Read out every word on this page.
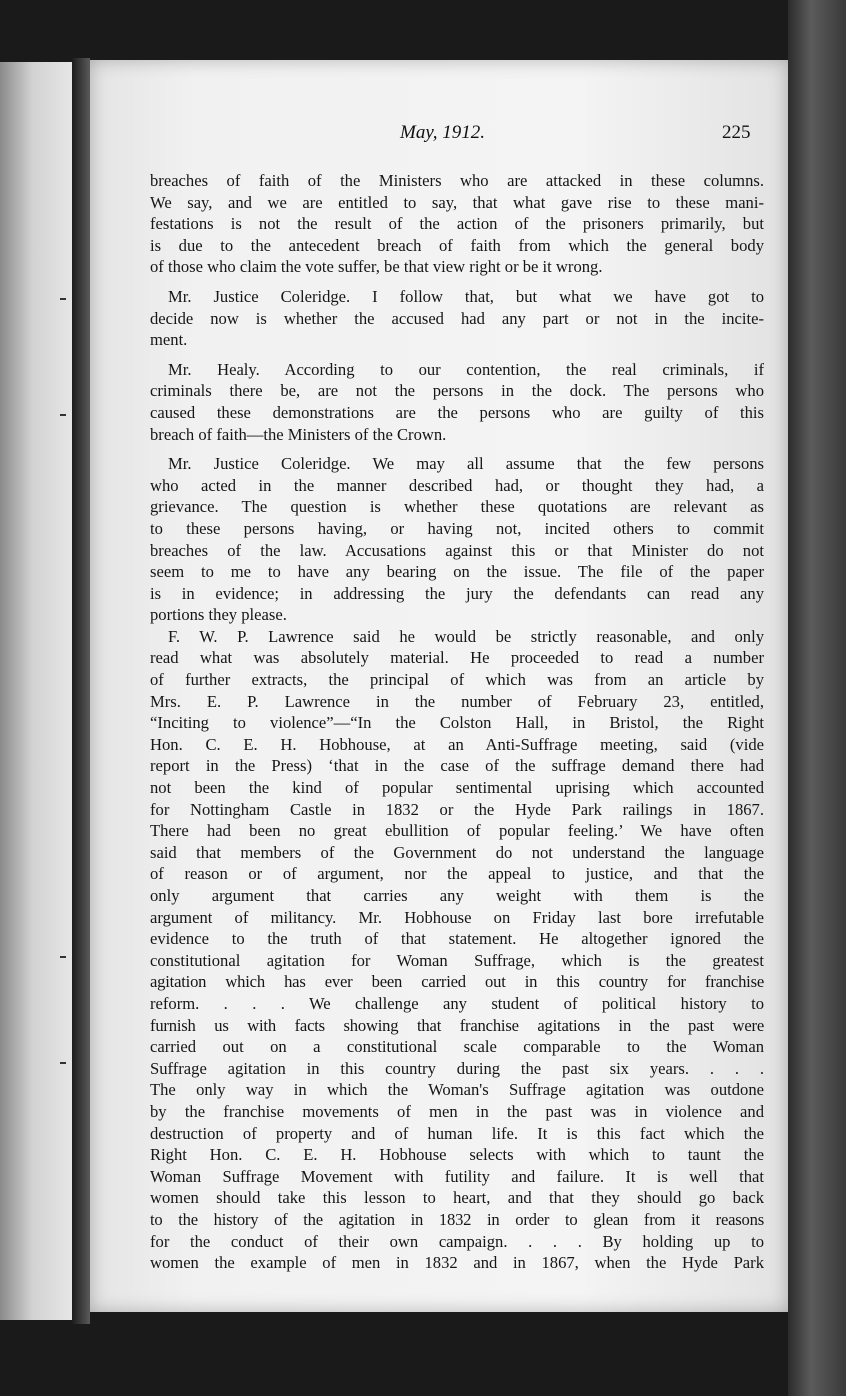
May, 1912.	225
breaches of faith of the Ministers who are attacked in these columns.
We say, and we are entitled to say, that what gave rise to these mani-
festations is not the result of the action of the prisoners primarily, but
is due to the antecedent breach of faith from which the general body
of those who claim the vote suffer, be that view right or be it wrong.
Mr. Justice Coleridge. I follow that, but what we have got to
decide now is whether the accused had any part or not in the incite-
ment.
Mr. Healy. According to our contention, the real criminals, if
criminals there be, are not the persons in the dock. The persons who
caused these demonstrations are the persons who are guilty of this
breach of faith—the Ministers of the Crown.
Mr. Justice Coleridge. We may all assume that the few persons
who acted in the manner described had, or thought they had, a
grievance. The question is whether these quotations are relevant as
to these persons having, or having not, incited others to commit
breaches of the law. Accusations against this or that Minister do not
seem to me to have any bearing on the issue. The file of the paper
is in evidence; in addressing the jury the defendants can read any
portions they please.
F. W. P. Lawrence said he would be strictly reasonable, and only
read what was absolutely material. He proceeded to read a number
of further extracts, the principal of which was from an article by
Mrs. E. P. Lawrence in the number of February 23, entitled,
“Inciting to violence”—“In the Colston Hall, in Bristol, the Right
Hon. C. E. H. Hobhouse, at an Anti-Suffrage meeting, said (vide
report in the Press) ‘that in the case of the suffrage demand there had
not been the kind of popular sentimental uprising which accounted
for Nottingham Castle in 1832 or the Hyde Park railings in 1867.
There had been no great ebullition of popular feeling.’ We have often
said that members of the Government do not understand the language
of reason or of argument, nor the appeal to justice, and that the
only argument that carries any weight with them is the
argument of militancy. Mr. Hobhouse on Friday last bore irrefutable
evidence to the truth of that statement. He altogether ignored the
constitutional agitation for Woman Suffrage, which is the greatest
agitation which has ever been carried out in this country for franchise
reform. . . . We challenge any student of political history to
furnish us with facts showing that franchise agitations in the past were
carried out on a constitutional scale comparable to the Woman
Suffrage agitation in this country during the past six years. . . .
The only way in which the Woman's Suffrage agitation was outdone
by the franchise movements of men in the past was in violence and
destruction of property and of human life. It is this fact which the
Right Hon. C. E. H. Hobhouse selects with which to taunt the
Woman Suffrage Movement with futility and failure. It is well that
women should take this lesson to heart, and that they should go back
to the history of the agitation in 1832 in order to glean from it reasons
for the conduct of their own campaign. . . . By holding up to
women the example of men in 1832 and in 1867, when the Hyde Park
